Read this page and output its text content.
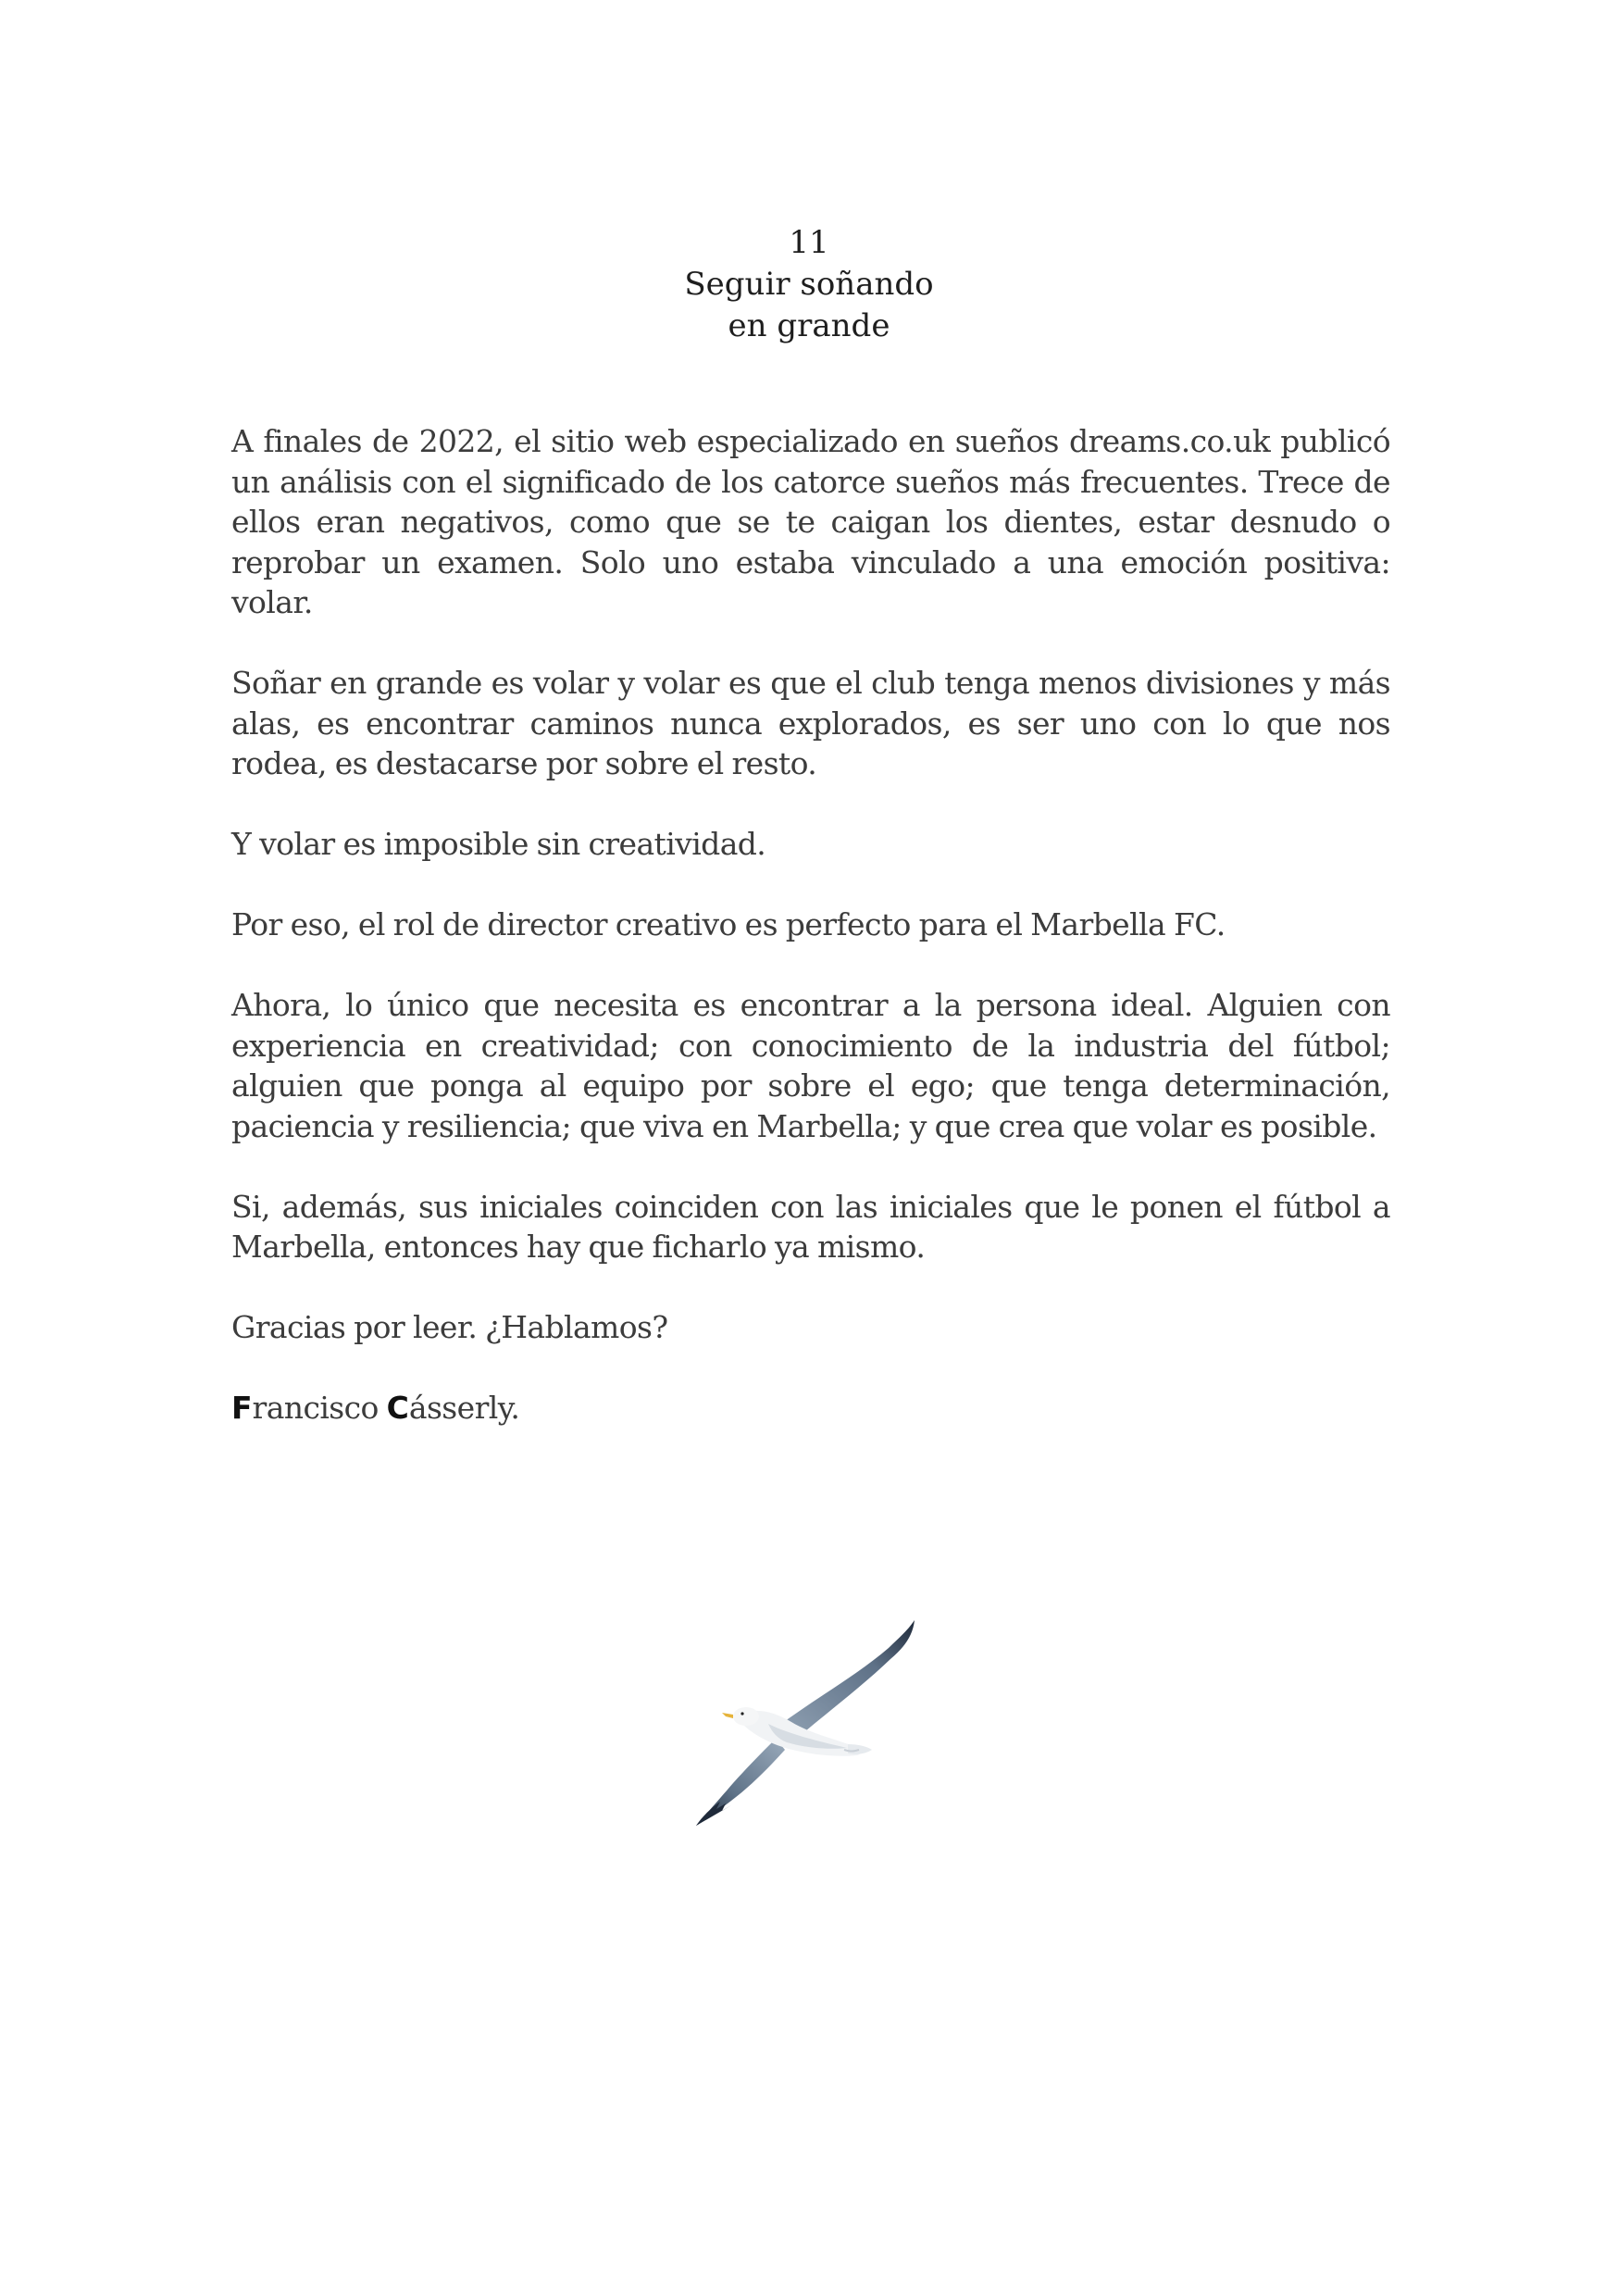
11
Seguir soñando
en grande

A finales de 2022, el sitio web especializado en sueños dreams.co.uk publicó un análisis con el significado de los catorce sueños más frecuentes. Trece de ellos eran negativos, como que se te caigan los dientes, estar desnudo o reprobar un examen. Solo uno estaba vinculado a una emoción positiva: volar.

Soñar en grande es volar y volar es que el club tenga menos divisiones y más alas, es encontrar caminos nunca explorados, es ser uno con lo que nos rodea, es destacarse por sobre el resto.

Y volar es imposible sin creatividad.

Por eso, el rol de director creativo es perfecto para el Marbella FC.

Ahora, lo único que necesita es encontrar a la persona ideal. Alguien con experiencia en creatividad; con conocimiento de la industria del fútbol; alguien que ponga al equipo por sobre el ego; que tenga determinación, paciencia y resiliencia; que viva en Marbella; y que crea que volar es posible.

Si, además, sus iniciales coinciden con las iniciales que le ponen el fútbol a Marbella, entonces hay que ficharlo ya mismo.

Gracias por leer. ¿Hablamos?

Francisco Cásserly.
